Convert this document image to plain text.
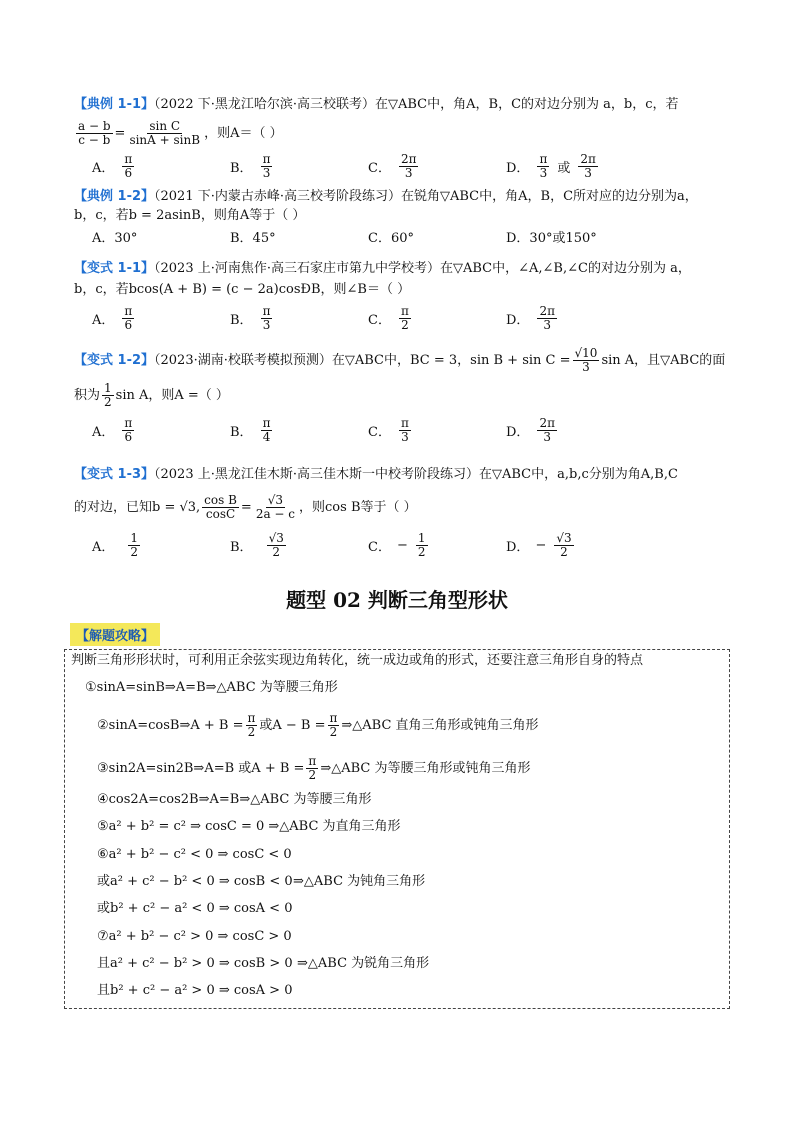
【典例 1-1】（2022 下·黑龙江哈尔滨·高三校联考）在▽ABC中，角A，B，C的对边分别为 a，b，c，若
$\frac{a - b}{c - b} = \frac{\text{sin C}}{\sin A + \sin B}$ ，则A＝（ ）
A． $\frac{\pi}{6}$	B． $\frac{\pi}{3}$	C． $\frac{2\pi}{3}$	D． $\frac{\pi}{3}$ 或 $\frac{2\pi}{3}$
【典例 1-2】（2021 下·内蒙古赤峰·高三校考阶段练习）在锐角▽ABC中，角A，B，C所对应的边分别为a，
b，c，若b = 2asinB，则角A等于（ ）
A．30°	B．45°	C．60°	D．30°或150°
【变式 1-1】（2023 上·河南焦作·高三石家庄市第九中学校考）在▽ABC中，∠A,∠B,∠C的对边分别为 a，
b，c，若bcos(A + B) = (c − 2a)cosÐB，则∠B＝（ ）
A． $\frac{\pi}{6}$	B． $\frac{\pi}{3}$	C． $\frac{\pi}{2}$	D． $\frac{2\pi}{3}$
【变式 1-2】（2023·湖南·校联考模拟预测）在▽ABC中，BC = 3，$\sin B + \sin C = \frac{√10}{3}$ sin A，且▽ABC的面
积为 $\frac{1}{2}$ sin A，则A =（ ）
A． $\frac{\pi}{6}$	B． $\frac{\pi}{4}$	C． $\frac{\pi}{3}$	D． $\frac{2\pi}{3}$
【变式 1-3】（2023 上·黑龙江佳木斯·高三佳木斯一中校考阶段练习）在▽ABC中，a,b,c分别为角A,B,C
的对边，已知b = √3, $\frac{\text{cos B}}{\cos C} = \frac{√3}{2a - c}$ ，则cos B等于（ ）
A． $\frac{1}{2}$	B． $\frac{√3}{2}$	C． − $\frac{1}{2}$	D． − $\frac{√3}{2}$
题型 02 判断三角型形状
【解题攻略】
判断三角形形状时，可利用正余弦实现边角转化，统一成边或角的形式，还要注意三角形自身的特点
①sinA=sinB⇒A=B⇒△ABC 为等腰三角形
②sinA=cosB⇒A + $B = \frac{\pi}{2}$ 或$A - B = \frac{\pi}{2}$ ⇒△ABC 直角三角形或钝角三角形
③sin2A=sin2B⇒A=B 或$A + B = \frac{\pi}{2}$ ⇒△ABC 为等腰三角形或钝角三角形
④cos2A=cos2B⇒A=B⇒△ABC 为等腰三角形
⑤a² + b² = c² ⇒ cosC = 0 ⇒△ABC 为直角三角形
⑥a² + b² − c² < 0 ⇒ cosC < 0
或a² + c² − b² < 0 ⇒ cosB < 0 ⇒△ABC 为钝角三角形
或b² + c² − a² < 0 ⇒ cosA < 0
⑦a² + b² − c² > 0 ⇒ cosC > 0
且a² + c² − b² > 0 ⇒ cosB > 0 ⇒△ABC 为锐角三角形
且b² + c² − a² > 0 ⇒ cosA > 0
